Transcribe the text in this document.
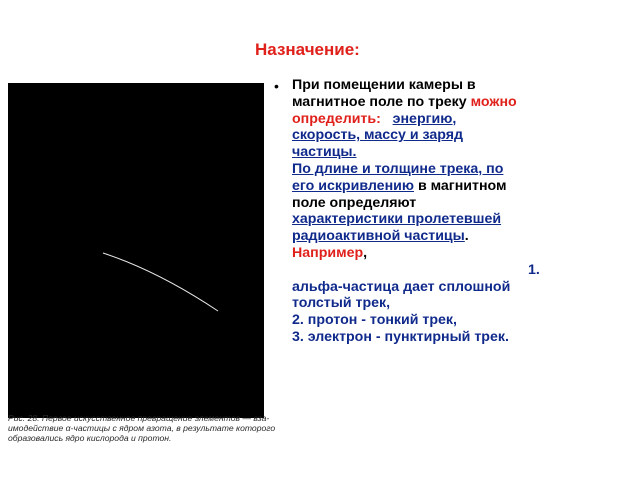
Назначение:
Рис. 28. Первое искусственное превращение элементов — вза-
имодействие α-частицы с ядром азота, в результате которого
образовались ядро кислорода и протон.
• При помещении камеры в
магнитное поле по треку можно
определить: энергию,
скорость, массу и заряд
частицы.
По длине и толщине трека, по
его искривлению в магнитном
поле определяют
характеристики пролетевшей
радиоактивной частицы.
Например,
1.
альфа-частица дает сплошной
толстый трек,
2. протон - тонкий трек,
3. электрон - пунктирный трек.
